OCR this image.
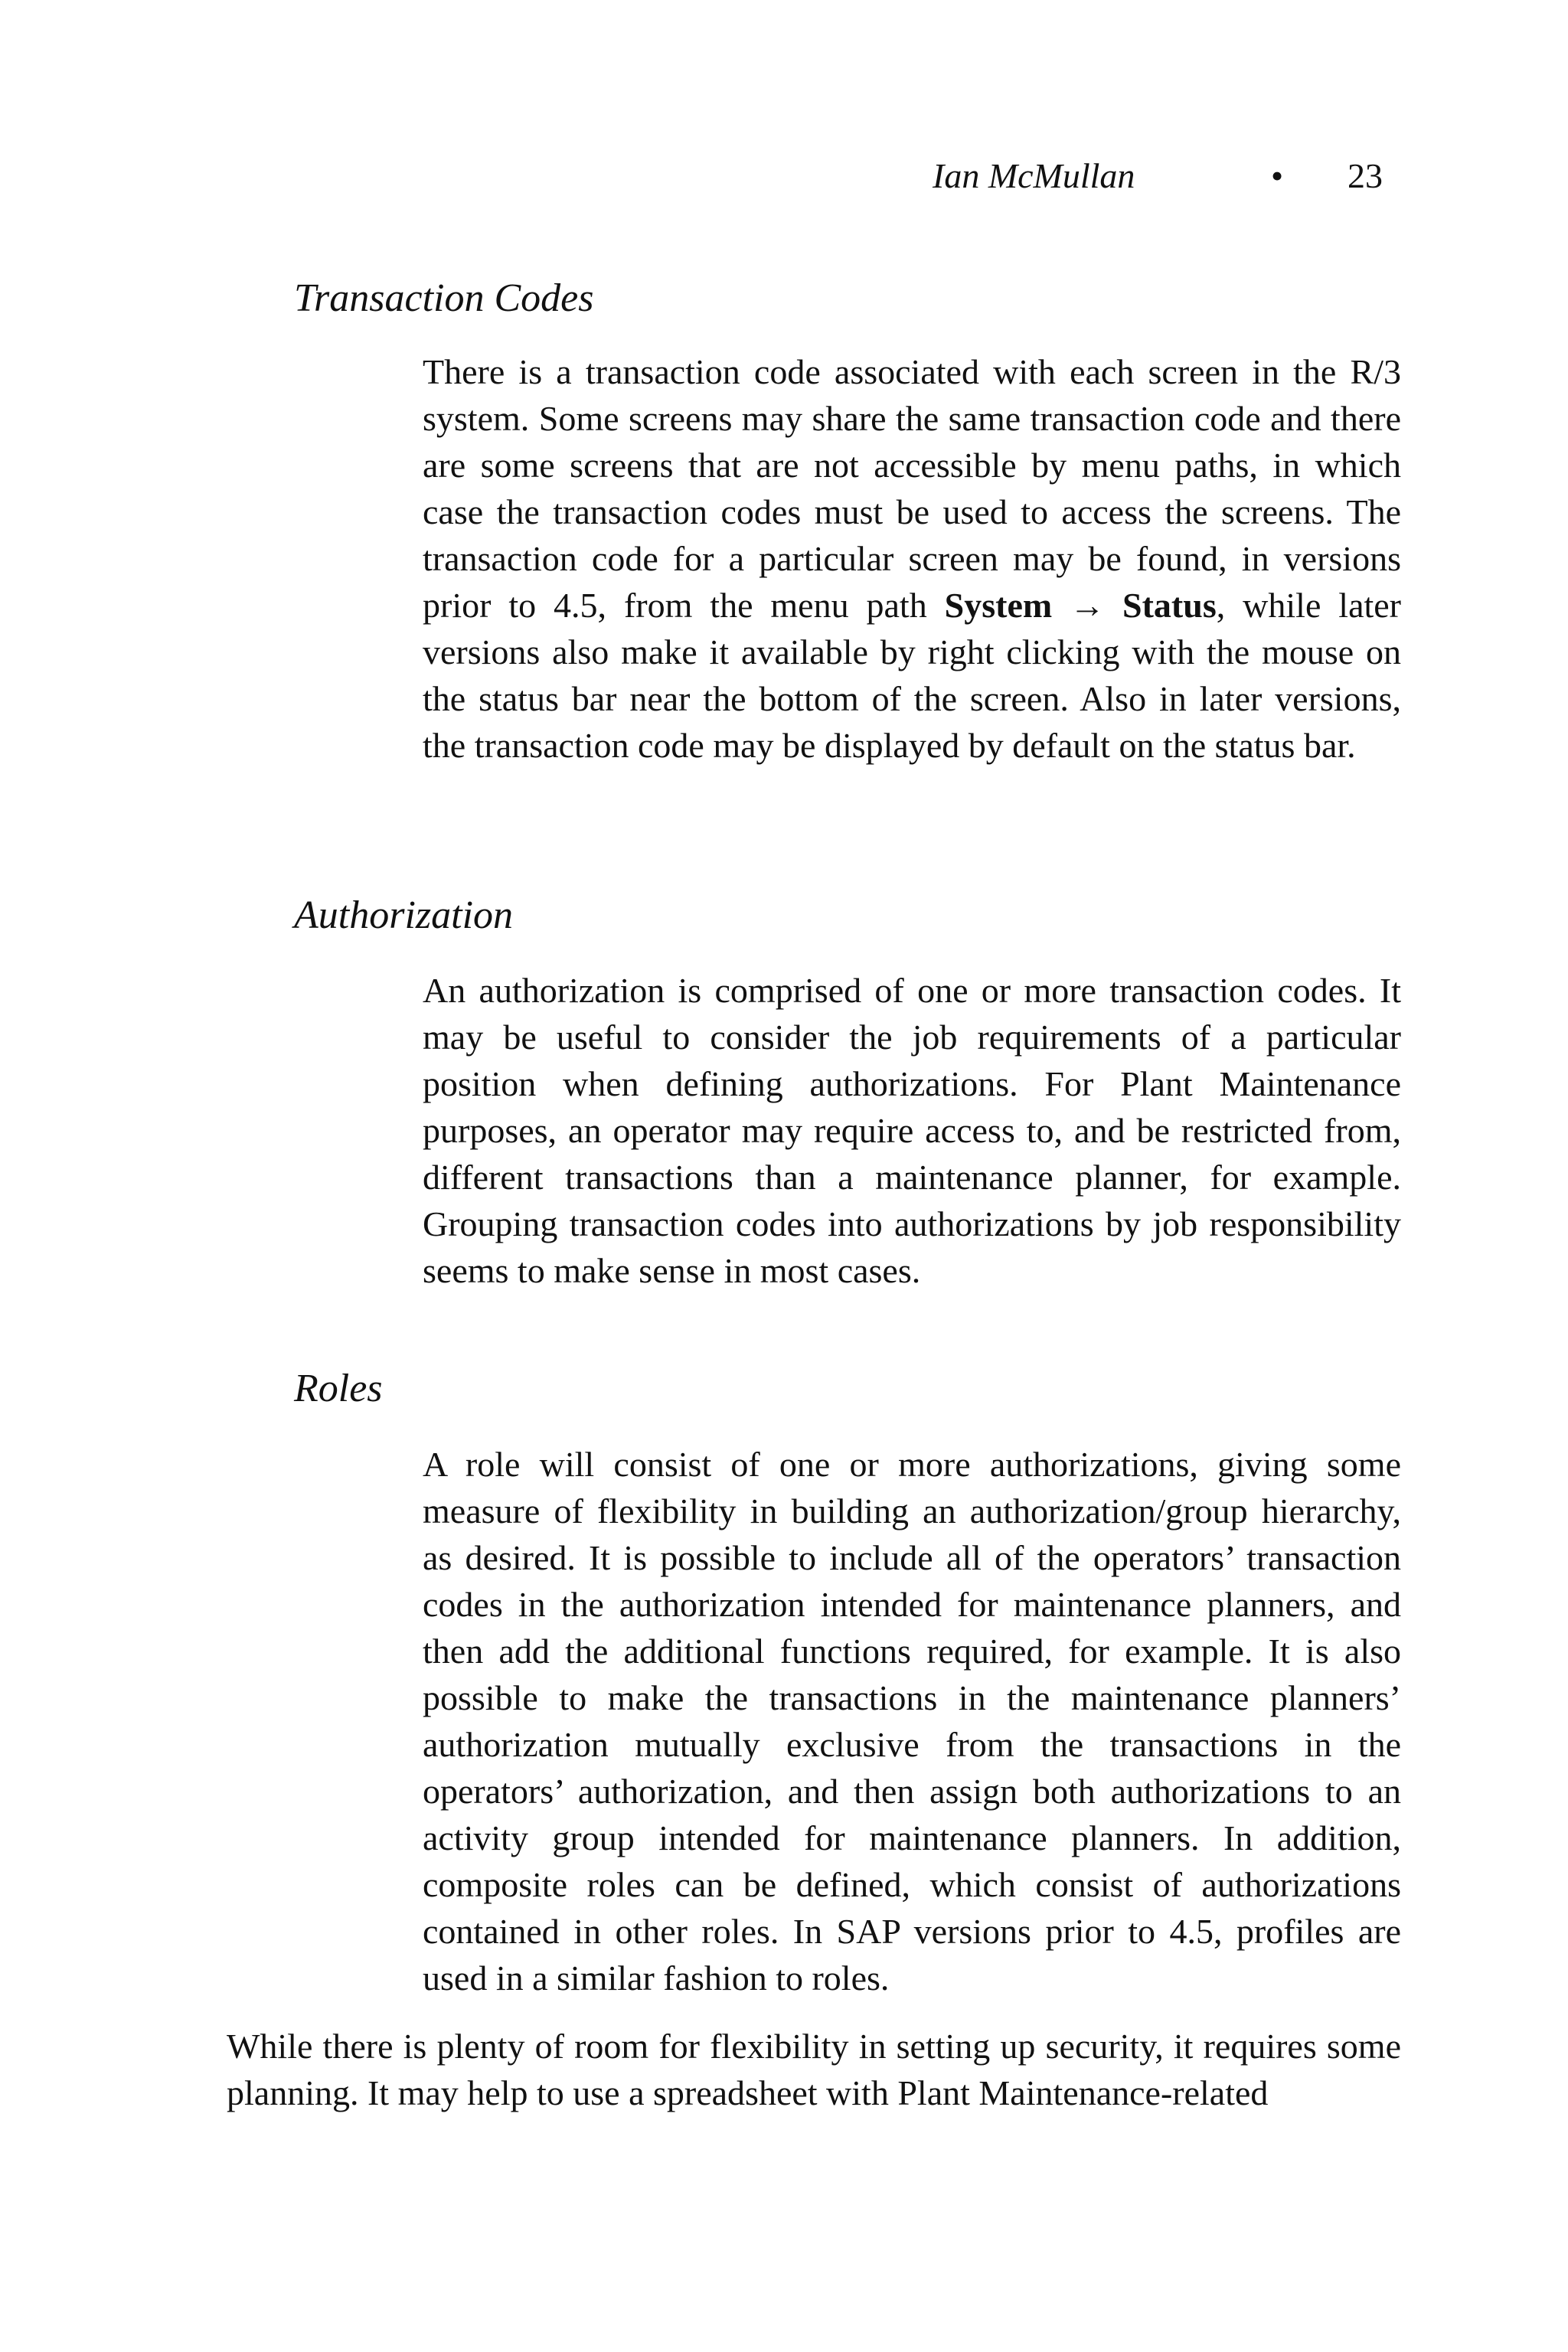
Ian McMullan	• 23
Transaction Codes

There is a transaction code associated with each screen in the R/3 system. Some screens may share the same transaction code and there are some screens that are not accessible by menu paths, in which case the transaction codes must be used to access the screens. The transaction code for a particular screen may be found, in versions prior to 4.5, from the menu path System → Status, while later versions also make it available by right clicking with the mouse on the status bar near the bottom of the screen. Also in later versions, the transaction code may be displayed by default on the status bar.

Authorization

An authorization is comprised of one or more transaction codes. It may be useful to consider the job requirements of a particular position when defining authorizations. For Plant Maintenance purposes, an operator may require access to, and be restricted from, different transactions than a maintenance planner, for example. Grouping transaction codes into authorizations by job responsibility seems to make sense in most cases.

Roles

A role will consist of one or more authorizations, giving some measure of flexibility in building an authorization/group hierarchy, as desired. It is possible to include all of the operators’ transaction codes in the authorization intended for maintenance planners, and then add the additional functions required, for example. It is also possible to make the transactions in the maintenance planners’ authorization mutually exclusive from the transactions in the operators’ authorization, and then assign both authorizations to an activity group intended for maintenance planners. In addition, composite roles can be defined, which consist of authorizations contained in other roles. In SAP versions prior to 4.5, profiles are used in a similar fashion to roles.

While there is plenty of room for flexibility in setting up security, it requires some planning. It may help to use a spreadsheet with Plant Maintenance-related
